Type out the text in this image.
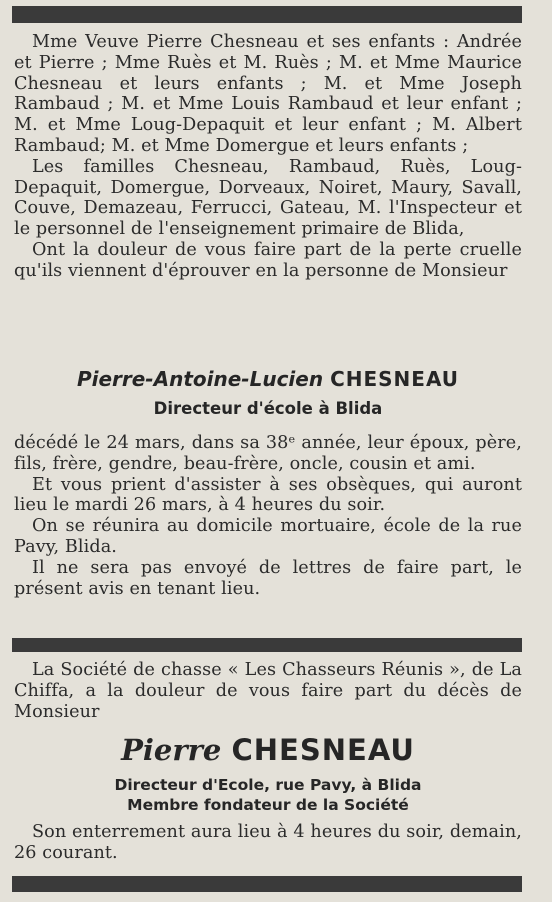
Mme Veuve Pierre Chesneau et ses enfants : Andrée et Pierre ; Mme Ruès et M. Ruès ; M. et Mme Maurice Chesneau et leurs enfants ; M. et Mme Joseph Rambaud ; M. et Mme Louis Rambaud et leur enfant ; M. et Mme Loug-Depaquit et leur enfant ; M. Albert Rambaud; M. et Mme Domergue et leurs enfants ;

Les familles Chesneau, Rambaud, Ruès, Loug-Depaquit, Domergue, Dorveaux, Noiret, Maury, Savall, Couve, Demazeau, Ferrucci, Gateau, M. l'Inspecteur et le personnel de l'enseignement primaire de Blida,

Ont la douleur de vous faire part de la perte cruelle qu'ils viennent d'éprouver en la personne de Monsieur

Pierre-Antoine-Lucien CHESNEAU

Directeur d'école à Blida

décédé le 24 mars, dans sa 38ᵉ année, leur époux, père, fils, frère, gendre, beau-frère, oncle, cousin et ami.

Et vous prient d'assister à ses obsèques, qui auront lieu le mardi 26 mars, à 4 heures du soir.

On se réunira au domicile mortuaire, école de la rue Pavy, Blida.

Il ne sera pas envoyé de lettres de faire part, le présent avis en tenant lieu.

La Société de chasse « Les Chasseurs Réunis », de La Chiffa, a la douleur de vous faire part du décès de Monsieur

Pierre CHESNEAU

Directeur d'Ecole, rue Pavy, à Blida

Membre fondateur de la Société

Son enterrement aura lieu à 4 heures du soir, demain, 26 courant.
